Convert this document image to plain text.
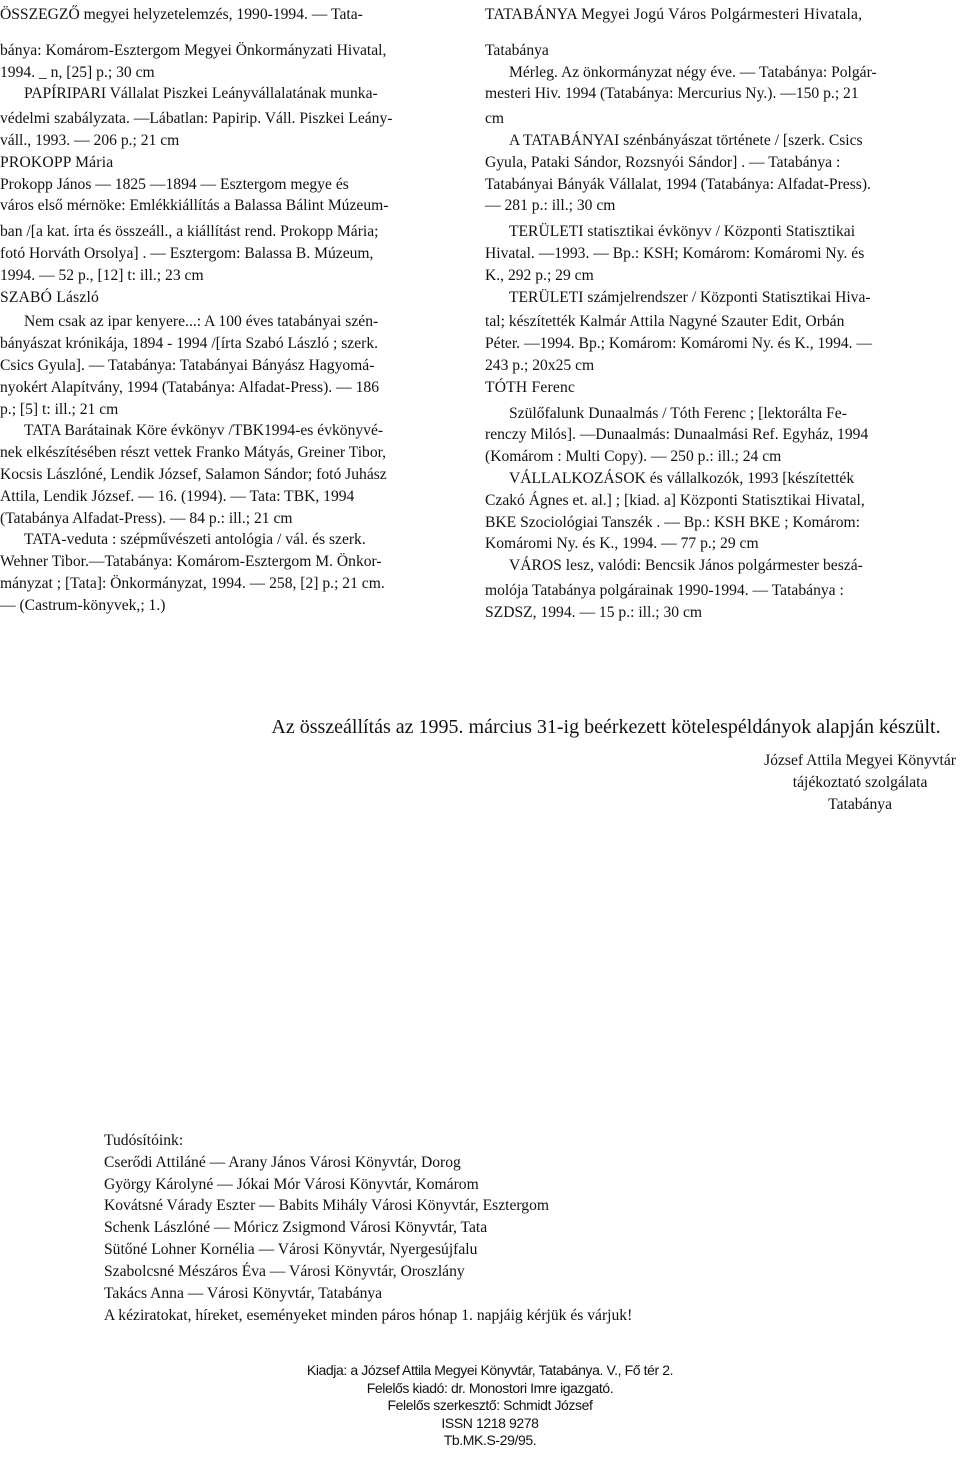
ÖSSZEGZŐ megyei helyzetelemzés, 1990-1994. — Tata-
bánya: Komárom-Esztergom Megyei Önkormányzati Hivatal,
1994. _ n, [25] p.; 30 cm
PAPÍRIPARI Vállalat Piszkei Leányvállalatának munka-
védelmi szabályzata. —Lábatlan: Papirip. Váll. Piszkei Leány-
váll., 1993. — 206 p.; 21 cm
PROKOPP Mária
Prokopp János — 1825 —1894 — Esztergom megye és
város első mérnöke: Emlékkiállítás a Balassa Bálint Múzeum-
ban /[a kat. írta és összeáll., a kiállítást rend. Prokopp Mária;
fotó Horváth Orsolya] . — Esztergom: Balassa B. Múzeum,
1994. — 52 p., [12] t: ill.; 23 cm
SZABÓ László
Nem csak az ipar kenyere...: A 100 éves tatabányai szén-
bányászat krónikája, 1894 - 1994 /[írta Szabó László ; szerk.
Csics Gyula]. — Tatabánya: Tatabányai Bányász Hagyomá-
nyokért Alapítvány, 1994 (Tatabánya: Alfadat-Press). — 186
p.; [5] t: ill.; 21 cm
TATA Barátainak Köre évkönyv /TBK1994-es évkönyvé-
nek elkészítésében részt vettek Franko Mátyás, Greiner Tibor,
Kocsis Lászlóné, Lendik József, Salamon Sándor; fotó Juhász
Attila, Lendik József. — 16. (1994). — Tata: TBK, 1994
(Tatabánya Alfadat-Press). — 84 p.: ill.; 21 cm
TATA-veduta : szépművészeti antológia / vál. és szerk.
Wehner Tibor.—Tatabánya: Komárom-Esztergom M. Önkor-
mányzat ; [Tata]: Önkormányzat, 1994. — 258, [2] p.; 21 cm.
— (Castrum-könyvek,; 1.)
TATABÁNYA Megyei Jogú Város Polgármesteri Hivatala,
Tatabánya
Mérleg. Az önkormányzat négy éve. — Tatabánya: Polgár-
mesteri Hiv. 1994 (Tatabánya: Mercurius Ny.). —150 p.; 21
cm
A TATABÁNYAI szénbányászat története / [szerk. Csics
Gyula, Pataki Sándor, Rozsnyói Sándor] . — Tatabánya :
Tatabányai Bányák Vállalat, 1994 (Tatabánya: Alfadat-Press).
— 281 p.: ill.; 30 cm
TERÜLETI statisztikai évkönyv / Központi Statisztikai
Hivatal. —1993. — Bp.: KSH; Komárom: Komáromi Ny. és
K., 292 p.; 29 cm
TERÜLETI számjelrendszer / Központi Statisztikai Hiva-
tal; készítették Kalmár Attila Nagyné Szauter Edit, Orbán
Péter. —1994. Bp.; Komárom: Komáromi Ny. és K., 1994. —
243 p.; 20x25 cm
TÓTH Ferenc
Szülőfalunk Dunaalmás / Tóth Ferenc ; [lektorálta Fe-
renczy Milós]. —Dunaalmás: Dunaalmási Ref. Egyház, 1994
(Komárom : Multi Copy). — 250 p.: ill.; 24 cm
VÁLLALKOZÁSOK és vállalkozók, 1993 [készítették
Czakó Ágnes et. al.] ; [kiad. a] Központi Statisztikai Hivatal,
BKE Szociológiai Tanszék . — Bp.: KSH BKE ; Komárom:
Komáromi Ny. és K., 1994. — 77 p.; 29 cm
VÁROS lesz, valódi: Bencsik János polgármester beszá-
molója Tatabánya polgárainak 1990-1994. — Tatabánya :
SZDSZ, 1994. — 15 p.: ill.; 30 cm
Az összeállítás az 1995. március 31-ig beérkezett kötelespéldányok alapján készült.
József Attila Megyei Könyvtár
tájékoztató szolgálata
Tatabánya
Tudósítóink:
Cserődi Attiláné — Arany János Városi Könyvtár, Dorog
György Károlyné — Jókai Mór Városi Könyvtár, Komárom
Kovátsné Várady Eszter — Babits Mihály Városi Könyvtár, Esztergom
Schenk Lászlóné — Móricz Zsigmond Városi Könyvtár, Tata
Sütőné Lohner Kornélia — Városi Könyvtár, Nyergesújfalu
Szabolcsné Mészáros Éva — Városi Könyvtár, Oroszlány
Takács Anna — Városi Könyvtár, Tatabánya
A kéziratokat, híreket, eseményeket minden páros hónap 1. napjáig kérjük és várjuk!
Kiadja: a József Attila Megyei Könyvtár, Tatabánya. V., Fő tér 2.
Felelős kiadó: dr. Monostori Imre igazgató.
Felelős szerkesztő: Schmidt József
ISSN 1218 9278
Tb.MK.S-29/95.
